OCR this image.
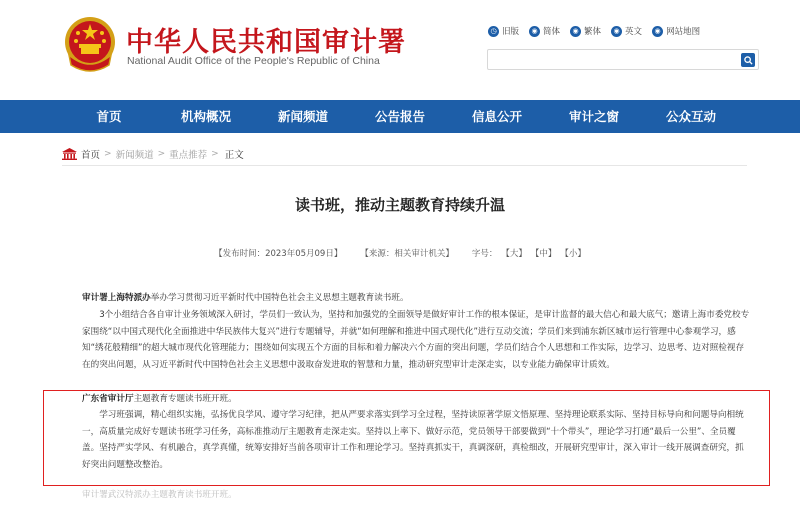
中华人民共和国审计署
National Audit Office of the People's Republic of China
◷ 旧版	◉ 简体	◉ 繁体	◉ 英文	◉ 网站地图
首页	机构概况	新闻频道	公告报告	信息公开	审计之窗	公众互动
首页 > 新闻频道 > 重点推荐 > 正文
读书班，推动主题教育持续升温
【发布时间：2023年05月09日】 【来源：相关审计机关】 字号： 【大】 【中】 【小】
审计署上海特派办举办学习贯彻习近平新时代中国特色社会主义思想主题教育读书班。
3个小组结合各自审计业务领域深入研讨，学员们一致认为，坚持和加强党的全面领导是做好审计工作的根本保证，是审计监督的最大信心和最大底气；邀请上海市委党校专家围绕“以中国式现代化全面推进中华民族伟大复兴”进行专题辅导，并就“如何理解和推进中国式现代化”进行互动交流；学员们来到浦东新区城市运行管理中心参观学习，感知“绣花般精细”的超大城市现代化管理能力；围绕如何实现五个方面的目标和着力解决六个方面的突出问题，学员们结合个人思想和工作实际，边学习、边思考、边对照检视存在的突出问题，从习近平新时代中国特色社会主义思想中汲取奋发进取的智慧和力量，推动研究型审计走深走实，以专业能力确保审计质效。
广东省审计厅主题教育专题读书班开班。
学习班强调，精心组织实施，弘扬优良学风、遵守学习纪律，把从严要求落实到学习全过程，坚持读原著学原文悟原理、坚持理论联系实际、坚持目标导向和问题导向相统一，高质量完成好专题读书班学习任务，高标准推动厅主题教育走深走实。坚持以上率下、做好示范，党员领导干部要做到“十个带头”，理论学习打通“最后一公里”、全员覆盖。坚持严实学风、有机融合，真学真懂，统筹安排好当前各项审计工作和理论学习。坚持真抓实干，真调深研，真检细改，开展研究型审计，深入审计一线开展调查研究，抓好突出问题整改整治。
审计署武汉特派办主题教育读书班开班。
